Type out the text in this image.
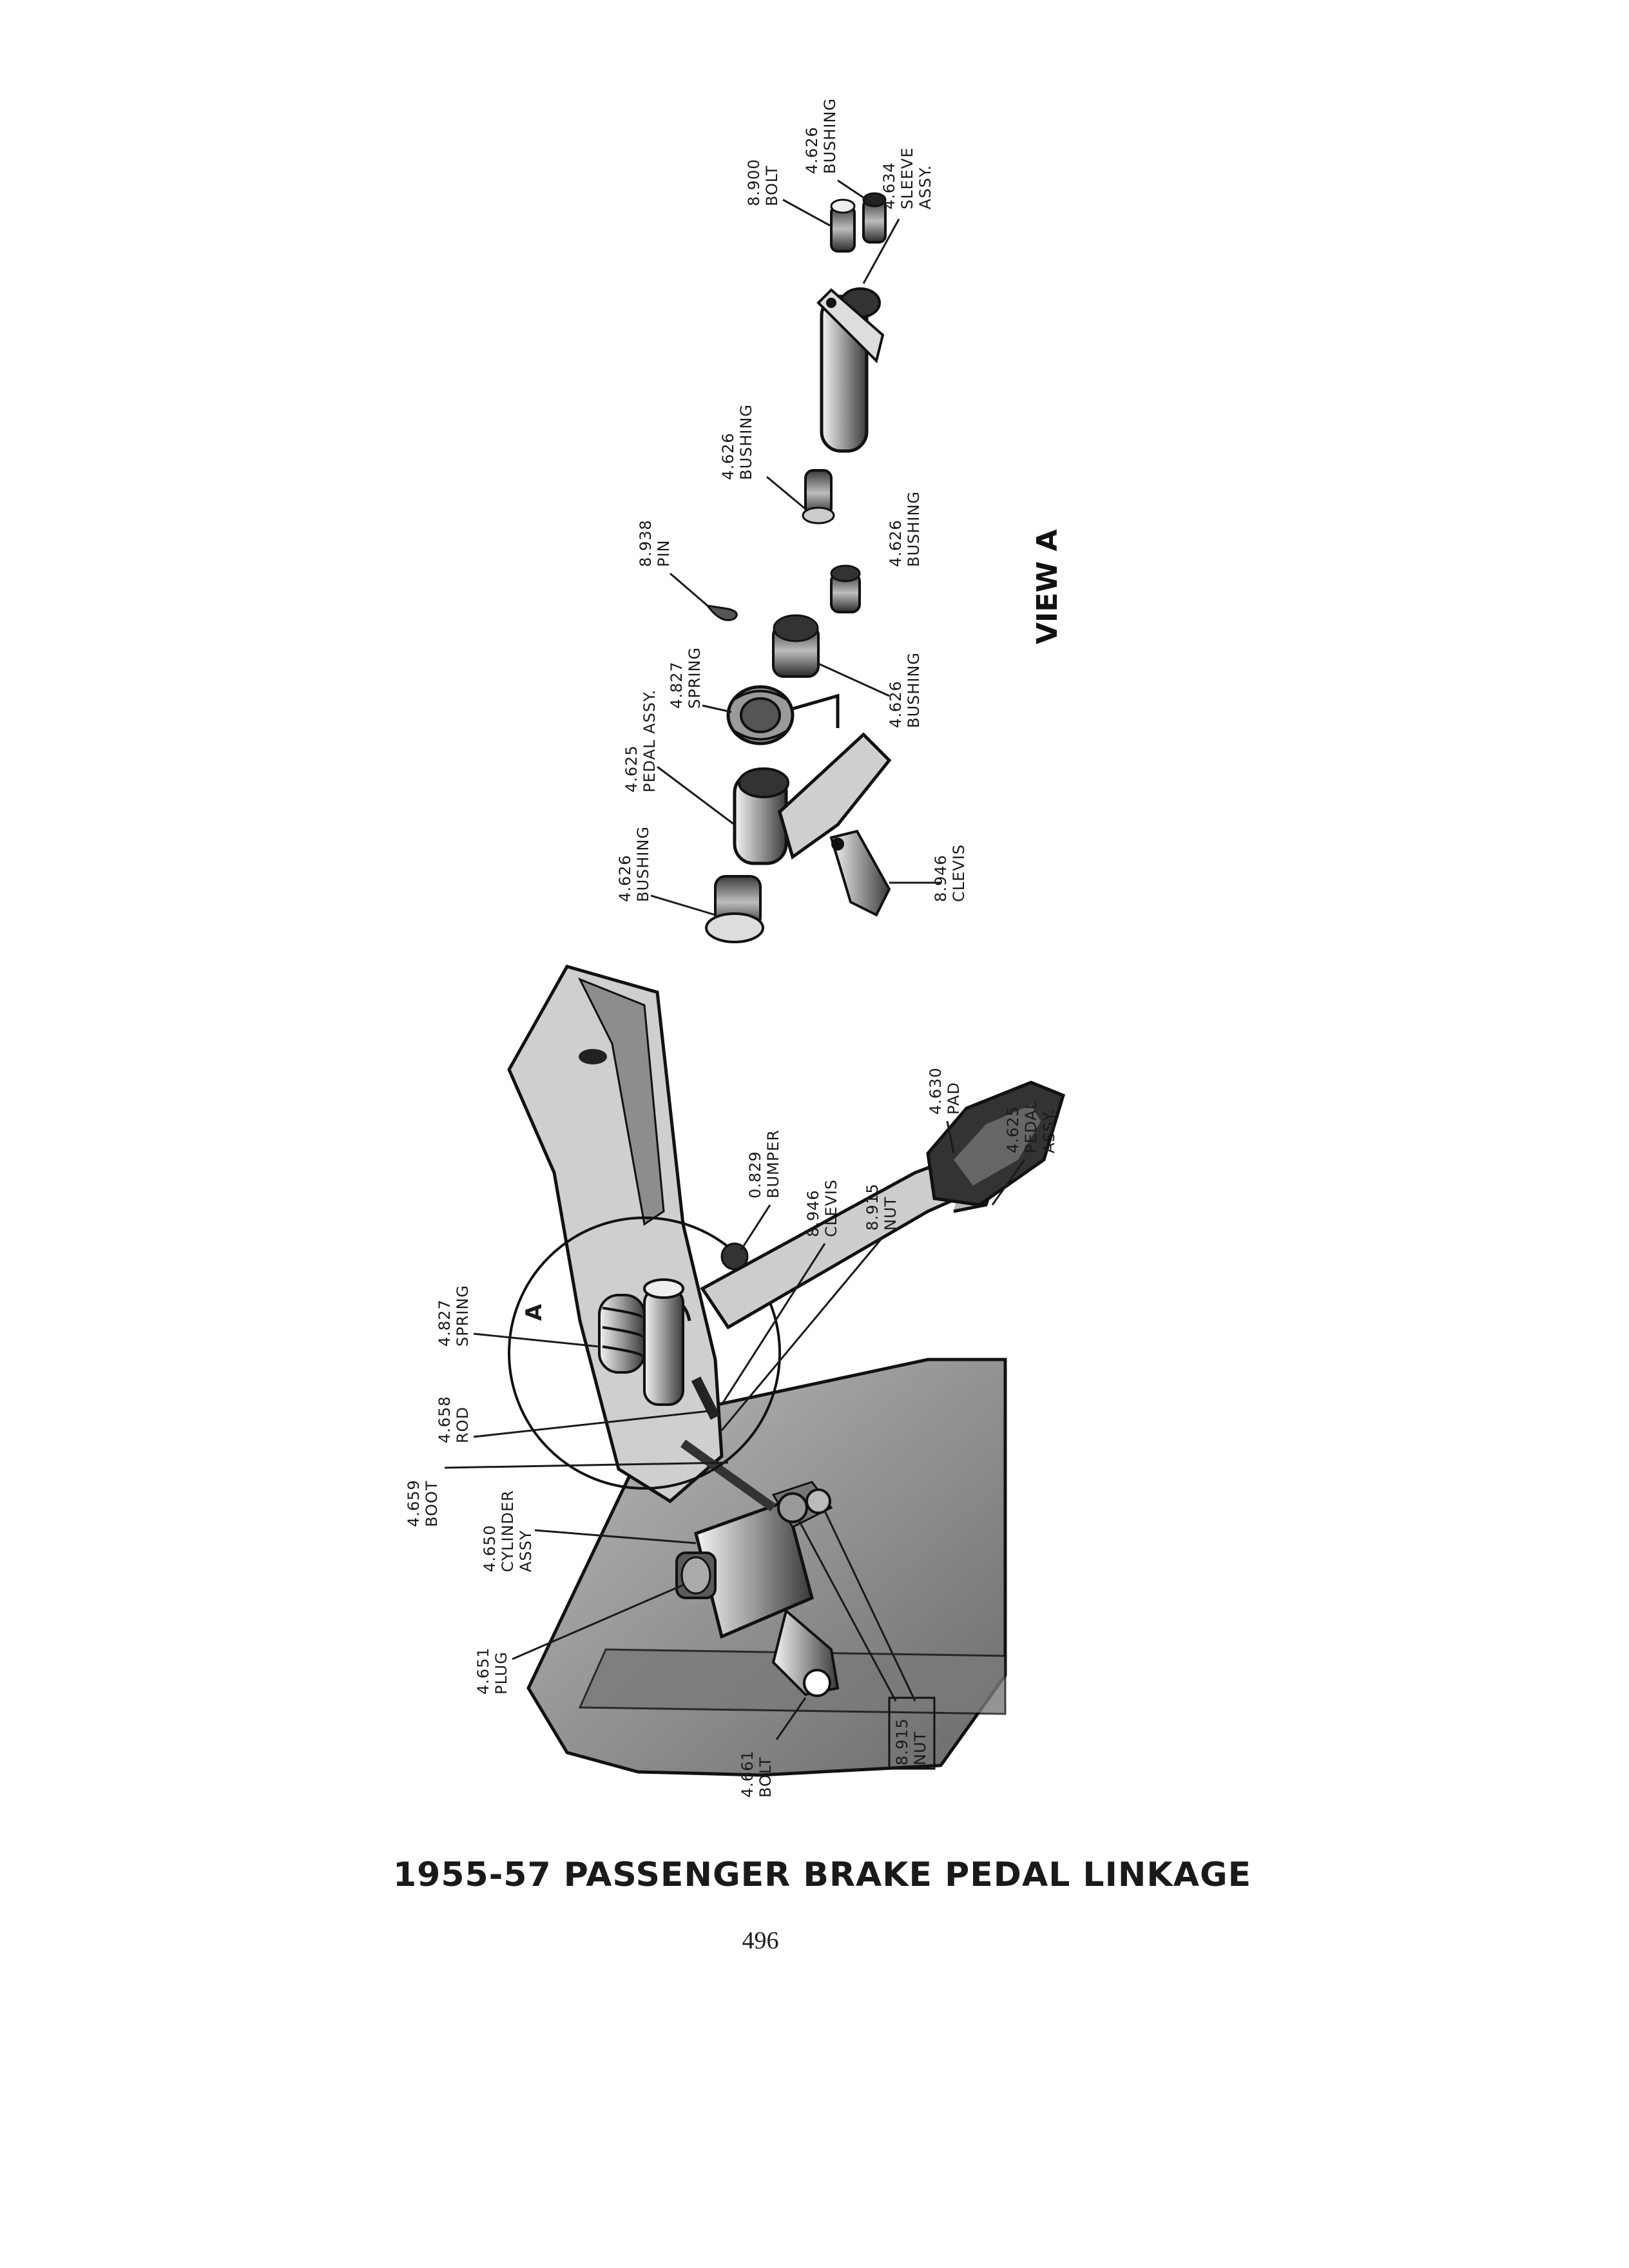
4.827 SPRING
4.658 ROD
4.659 BOOT
4.650 CYLINDER ASSY
4.651 PLUG
4.661 BOLT
8.915 NUT
0.829 BUMPER
8.946 CLEVIS 8.915 NUT
4.630 PAD
4.625 PEDAL ASSY.
A
8.900 BOLT
4.626 BUSHING
4.634 SLEEVE ASSY.
4.626 BUSHING
8.938 PIN	4.626 BUSHING
4.626 BUSHING
4.827 SPRING
4.625 PEDAL ASSY.
4.626 BUSHING	8.946 CLEVIS
VIEW A
1955-57 PASSENGER BRAKE PEDAL LINKAGE
496
